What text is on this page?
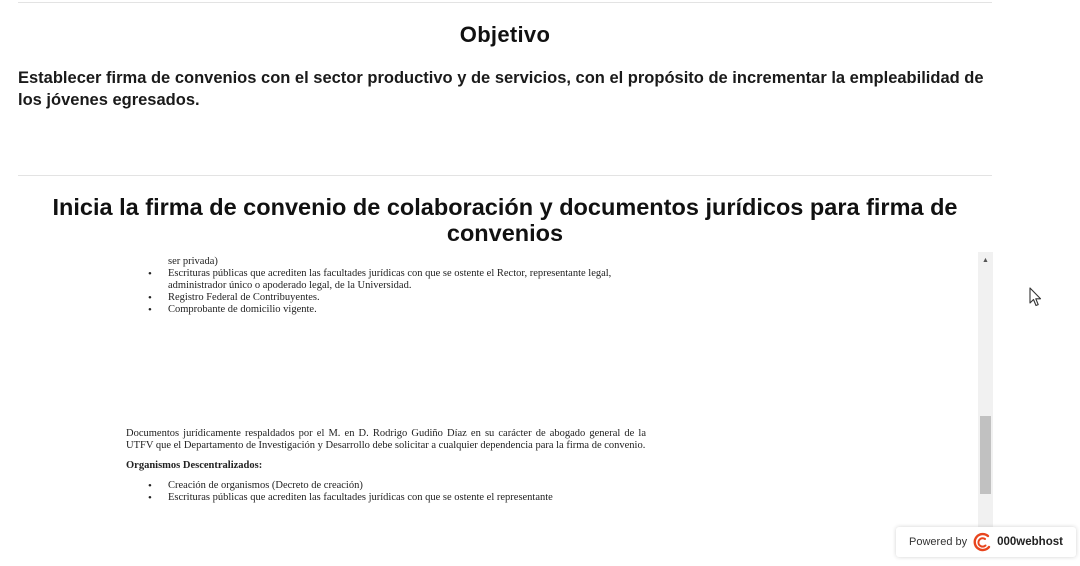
Objetivo
Establecer firma de convenios con el sector productivo y de servicios, con el propósito de incrementar la empleabilidad de los jóvenes egresados.
Inicia la firma de convenio de colaboración y documentos jurídicos para firma de convenios
ser privada)
• Escrituras públicas que acrediten las facultades jurídicas con que se ostente el Rector, representante legal, administrador único o apoderado legal, de la Universidad.
• Registro Federal de Contribuyentes.
• Comprobante de domicilio vigente.

Documentos jurídicamente respaldados por el M. en D. Rodrigo Gudiño Díaz en su carácter de abogado general de la UTFV que el Departamento de Investigación y Desarrollo debe solicitar a cualquier dependencia para la firma de convenio.

Organismos Descentralizados:

• Creación de organismos (Decreto de creación)
• Escrituras públicas que acrediten las facultades jurídicas con que se ostente el representante
▲
Powered by	000webhost
